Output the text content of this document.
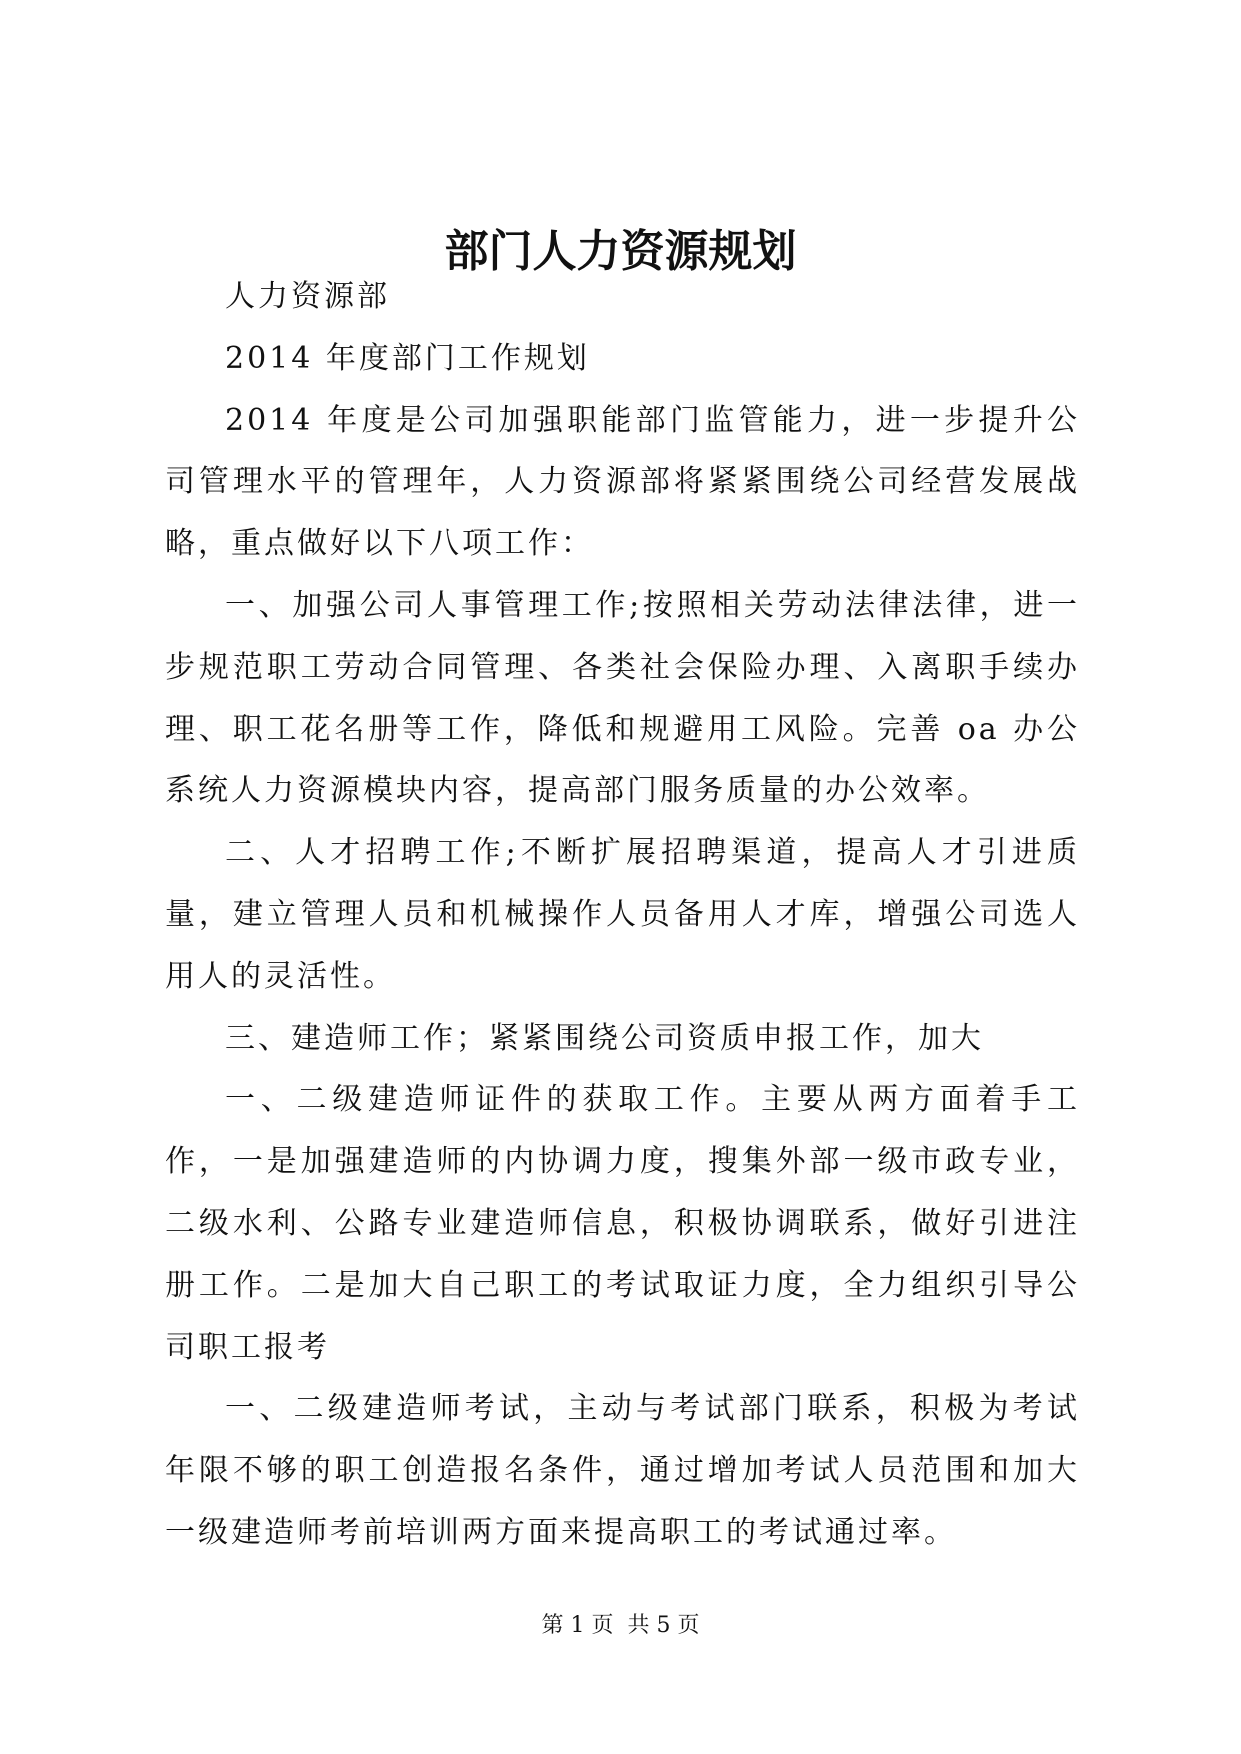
部门人力资源规划

人力资源部

2014 年度部门工作规划

2014 年度是公司加强职能部门监管能力，进一步提升公司管理水平的管理年，人力资源部将紧紧围绕公司经营发展战略，重点做好以下八项工作：

一、加强公司人事管理工作;按照相关劳动法律法律，进一步规范职工劳动合同管理、各类社会保险办理、入离职手续办理、职工花名册等工作，降低和规避用工风险。完善 oa 办公系统人力资源模块内容，提高部门服务质量的办公效率。

二、人才招聘工作;不断扩展招聘渠道，提高人才引进质量，建立管理人员和机械操作人员备用人才库，增强公司选人用人的灵活性。

三、建造师工作；紧紧围绕公司资质申报工作，加大

一、二级建造师证件的获取工作。主要从两方面着手工作，一是加强建造师的内协调力度，搜集外部一级市政专业，二级水利、公路专业建造师信息，积极协调联系，做好引进注册工作。二是加大自己职工的考试取证力度，全力组织引导公司职工报考

一、二级建造师考试，主动与考试部门联系，积极为考试年限不够的职工创造报名条件，通过增加考试人员范围和加大一级建造师考前培训两方面来提高职工的考试通过率。

第 1 页  共 5 页
